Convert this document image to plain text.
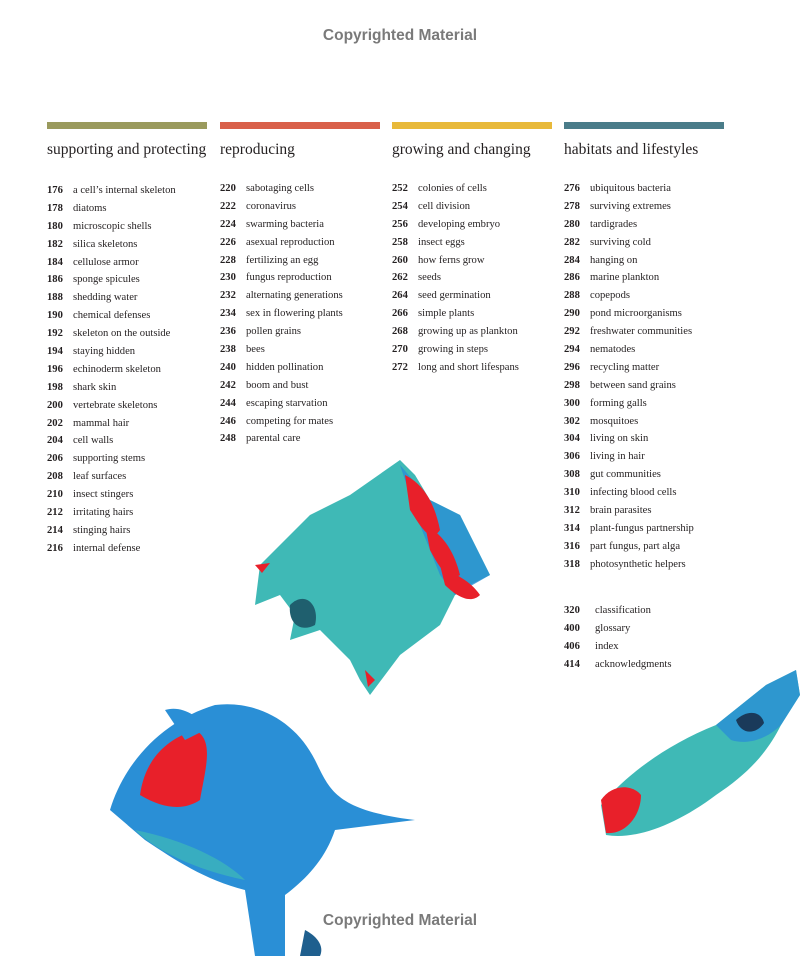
Copyrighted Material
supporting and protecting
176 a cell’s internal skeleton
178 diatoms
180 microscopic shells
182 silica skeletons
184 cellulose armor
186 sponge spicules
188 shedding water
190 chemical defenses
192 skeleton on the outside
194 staying hidden
196 echinoderm skeleton
198 shark skin
200 vertebrate skeletons
202 mammal hair
204 cell walls
206 supporting stems
208 leaf surfaces
210 insect stingers
212 irritating hairs
214 stinging hairs
216 internal defense
reproducing
220 sabotaging cells
222 coronavirus
224 swarming bacteria
226 asexual reproduction
228 fertilizing an egg
230 fungus reproduction
232 alternating generations
234 sex in flowering plants
236 pollen grains
238 bees
240 hidden pollination
242 boom and bust
244 escaping starvation
246 competing for mates
248 parental care
growing and changing
252 colonies of cells
254 cell division
256 developing embryo
258 insect eggs
260 how ferns grow
262 seeds
264 seed germination
266 simple plants
268 growing up as plankton
270 growing in steps
272 long and short lifespans
habitats and lifestyles
276 ubiquitous bacteria
278 surviving extremes
280 tardigrades
282 surviving cold
284 hanging on
286 marine plankton
288 copepods
290 pond microorganisms
292 freshwater communities
294 nematodes
296 recycling matter
298 between sand grains
300 forming galls
302 mosquitoes
304 living on skin
306 living in hair
308 gut communities
310 infecting blood cells
312 brain parasites
314 plant-fungus partnership
316 part fungus, part alga
318 photosynthetic helpers
320	classification
400	glossary
406	index
414	acknowledgments
Copyrighted Material
